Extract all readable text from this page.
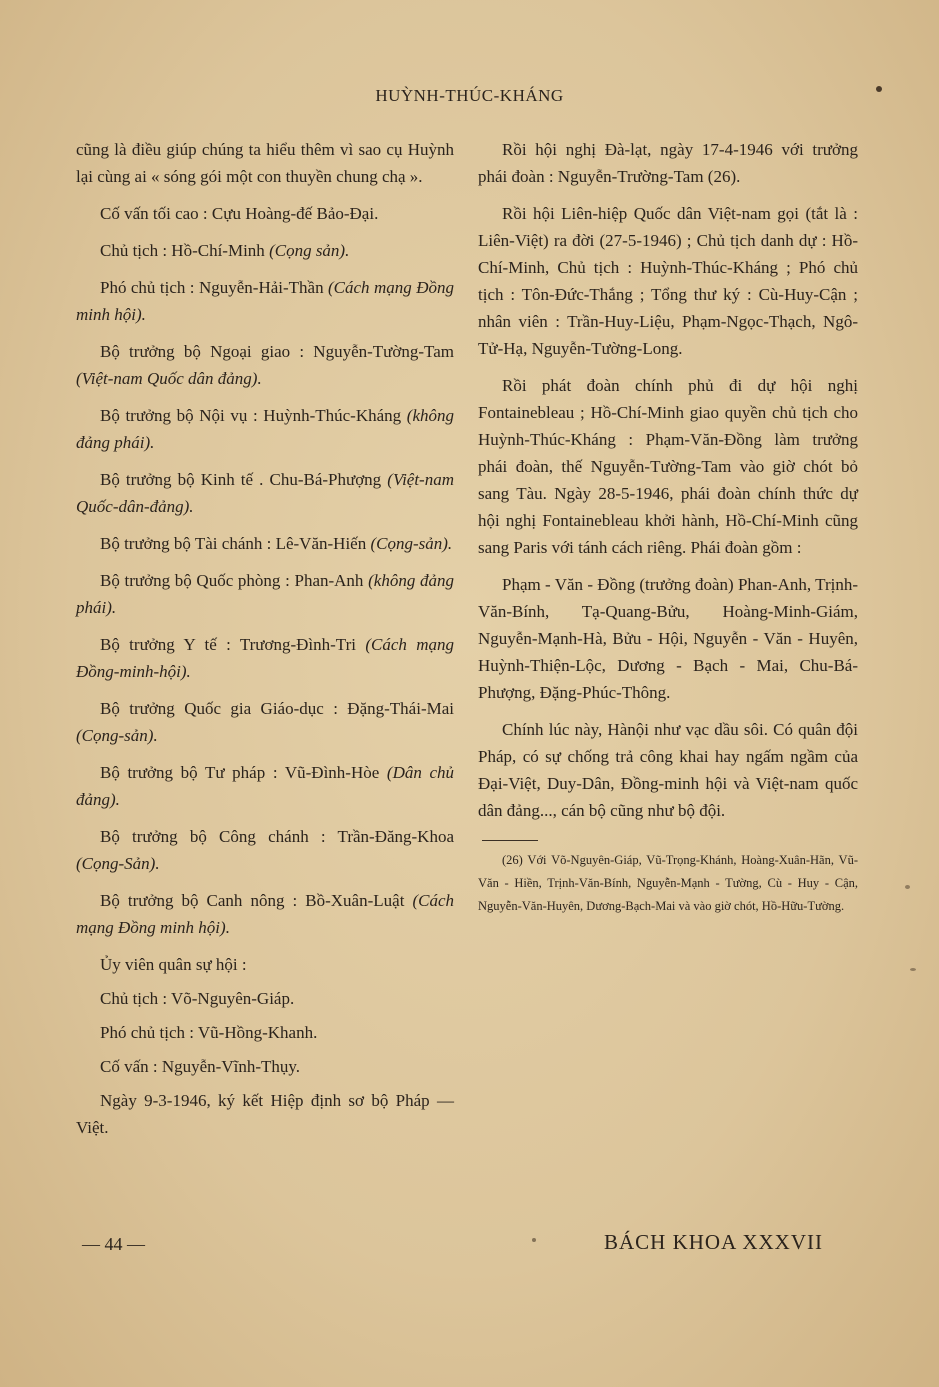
HUỲNH-THÚC-KHÁNG

cũng là điều giúp chúng ta hiểu thêm vì sao cụ Huỳnh lại cùng ai « sóng gói một con thuyền chung chạ ».

Cố vấn tối cao : Cựu Hoàng-đế Bảo-Đại.

Chủ tịch : Hồ-Chí-Minh (Cọng sản).

Phó chủ tịch : Nguyễn-Hải-Thần (Cách mạng Đồng minh hội).

Bộ trưởng bộ Ngoại giao : Nguyễn-Tường-Tam (Việt-nam Quốc dân đảng).

Bộ trưởng bộ Nội vụ : Huỳnh-Thúc-Kháng (không đảng phái).

Bộ trưởng bộ Kinh tế . Chu-Bá-Phượng (Việt-nam Quốc-dân-đảng).

Bộ trưởng bộ Tài chánh : Lê-Văn-Hiến (Cọng-sản).

Bộ trưởng bộ Quốc phòng : Phan-Anh (không đảng phái).

Bộ trưởng Y tế : Trương-Đình-Tri (Cách mạng Đồng-minh-hội).

Bộ trưởng Quốc gia Giáo-dục : Đặng-Thái-Mai (Cọng-sản).

Bộ trưởng bộ Tư pháp : Vũ-Đình-Hòe (Dân chủ đảng).

Bộ trưởng bộ Công chánh : Trần-Đăng-Khoa (Cọng-Sản).

Bộ trưởng bộ Canh nông : Bồ-Xuân-Luật (Cách mạng Đồng minh hội).

Ủy viên quân sự hội :

Chủ tịch : Võ-Nguyên-Giáp.

Phó chủ tịch : Vũ-Hồng-Khanh.

Cố vấn : Nguyễn-Vĩnh-Thụy.

Ngày 9-3-1946, ký kết Hiệp định sơ bộ Pháp — Việt.

Rồi hội nghị Đà-lạt, ngày 17-4-1946 với trưởng phái đoàn : Nguyễn-Trường-Tam (26).

Rồi hội Liên-hiệp Quốc dân Việt-nam gọi (tắt là : Liên-Việt) ra đời (27-5-1946) ; Chủ tịch danh dự : Hồ-Chí-Minh, Chủ tịch : Huỳnh-Thúc-Kháng ; Phó chủ tịch : Tôn-Đức-Thắng ; Tổng thư ký : Cù-Huy-Cận ; nhân viên : Trần-Huy-Liệu, Phạm-Ngọc-Thạch, Ngô-Tử-Hạ, Nguyễn-Tường-Long.

Rồi phát đoàn chính phủ đi dự hội nghị Fontainebleau ; Hồ-Chí-Minh giao quyền chủ tịch cho Huỳnh-Thúc-Kháng : Phạm-Văn-Đồng làm trưởng phái đoàn, thế Nguyễn-Tường-Tam vào giờ chót bỏ sang Tàu. Ngày 28-5-1946, phái đoàn chính thức dự hội nghị Fontainebleau khởi hành, Hồ-Chí-Minh cũng sang Paris với tánh cách riêng. Phái đoàn gồm :

Phạm - Văn - Đồng (trưởng đoàn) Phan-Anh, Trịnh-Văn-Bính, Tạ-Quang-Bửu, Hoàng-Minh-Giám, Nguyễn-Mạnh-Hà, Bửu - Hội, Nguyễn - Văn - Huyên, Huỳnh-Thiện-Lộc, Dương - Bạch - Mai, Chu-Bá-Phượng, Đặng-Phúc-Thông.

Chính lúc này, Hànội như vạc dầu sôi. Có quân đội Pháp, có sự chống trả công khai hay ngấm ngầm của Đại-Việt, Duy-Dân, Đồng-minh hội và Việt-nam quốc dân đảng..., cán bộ cũng như bộ đội.

(26) Với Võ-Nguyên-Giáp, Vũ-Trọng-Khánh, Hoàng-Xuân-Hãn, Vũ-Văn - Hiền, Trịnh-Văn-Bính, Nguyễn-Mạnh - Tường, Cù - Huy - Cận, Nguyễn-Văn-Huyên, Dương-Bạch-Mai và vào giờ chót, Hồ-Hữu-Tường.

— 44 —	BÁCH KHOA XXXVII
